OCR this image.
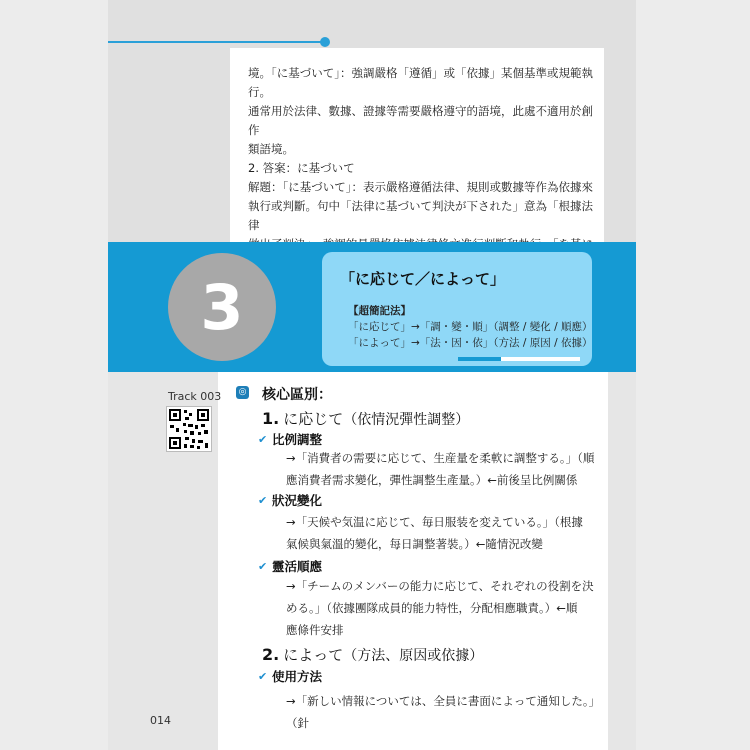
境。「に基づいて」：強調嚴格「遵循」或「依據」某個基準或規範執行。

通常用於法律、數據、證據等需要嚴格遵守的語境，此處不適用於創作

類語境。

2. 答案：に基づいて

解題：「に基づいて」：表示嚴格遵循法律、規則或數據等作為依據來

執行或判斷。句中「法律に基づいて判決が下された」意為「根據法律

3	「に応じて／によって」
【超簡記法】
「に応じて」→「調・變・順」（調整 / 變化 / 順應）
「によって」→「法・因・依」（方法 / 原因 / 依據）
Track 003
014
◎ 核心區別：
1. に応じて（依情況彈性調整）
✔ 比例調整

→「消費者の需要に応じて、生産量を柔軟に調整する。」（順

應消費者需求變化，彈性調整生產量。）←前後呈比例關係

✔ 狀況變化

→「天候や気温に応じて、毎日服装を変えている。」（根據

氣候與氣溫的變化，每日調整著裝。）←隨情況改變

✔ 靈活順應

→「チームのメンバーの能力に応じて、それぞれの役割を決

める。」（依據團隊成員的能力特性，分配相應職責。）←順

應條件安排

2. によって（方法、原因或依據）
✔ 使用方法

→「新しい情報については、全員に書面によって通知した。」（針
